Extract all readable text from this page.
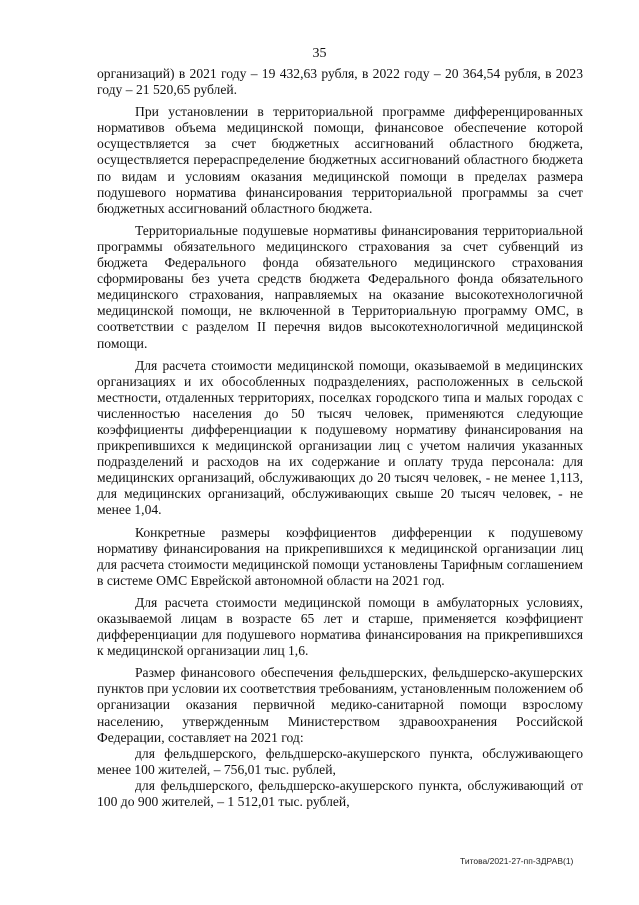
35

организаций) в 2021 году – 19 432,63 рубля, в 2022 году – 20 364,54 рубля, в 2023 году – 21 520,65 рублей.

При установлении в территориальной программе дифференцированных нормативов объема медицинской помощи, финансовое обеспечение которой осуществляется за счет бюджетных ассигнований областного бюджета, осуществляется перераспределение бюджетных ассигнований областного бюджета по видам и условиям оказания медицинской помощи в пределах размера подушевого норматива финансирования территориальной программы за счет бюджетных ассигнований областного бюджета.

Территориальные подушевые нормативы финансирования территориальной программы обязательного медицинского страхования за счет субвенций из бюджета Федерального фонда обязательного медицинского страхования сформированы без учета средств бюджета Федерального фонда обязательного медицинского страхования, направляемых на оказание высокотехнологичной медицинской помощи, не включенной в Территориальную программу ОМС, в соответствии с разделом II перечня видов высокотехнологичной медицинской помощи.

Для расчета стоимости медицинской помощи, оказываемой в медицинских организациях и их обособленных подразделениях, расположенных в сельской местности, отдаленных территориях, поселках городского типа и малых городах с численностью населения до 50 тысяч человек, применяются следующие коэффициенты дифференциации к подушевому нормативу финансирования на прикрепившихся к медицинской организации лиц с учетом наличия указанных подразделений и расходов на их содержание и оплату труда персонала: для медицинских организаций, обслуживающих до 20 тысяч человек, - не менее 1,113, для медицинских организаций, обслуживающих свыше 20 тысяч человек, - не менее 1,04.

Конкретные размеры коэффициентов дифференции к подушевому нормативу финансирования на прикрепившихся к медицинской организации лиц для расчета стоимости медицинской помощи установлены Тарифным соглашением в системе ОМС Еврейской автономной области на 2021 год.

Для расчета стоимости медицинской помощи в амбулаторных условиях, оказываемой лицам в возрасте 65 лет и старше, применяется коэффициент дифференциации для подушевого норматива финансирования на прикрепившихся к медицинской организации лиц 1,6.

Размер финансового обеспечения фельдшерских, фельдшерско-акушерских пунктов при условии их соответствия требованиям, установленным положением об организации оказания первичной медико-санитарной помощи взрослому населению, утвержденным Министерством здравоохранения Российской Федерации, составляет на 2021 год:

для фельдшерского, фельдшерско-акушерского пункта, обслуживающего менее 100 жителей, – 756,01 тыс. рублей,

для фельдшерского, фельдшерско-акушерского пункта, обслуживающий от 100 до 900 жителей, – 1 512,01 тыс. рублей,

Титова/2021-27-пп-ЗДРАВ(1)
